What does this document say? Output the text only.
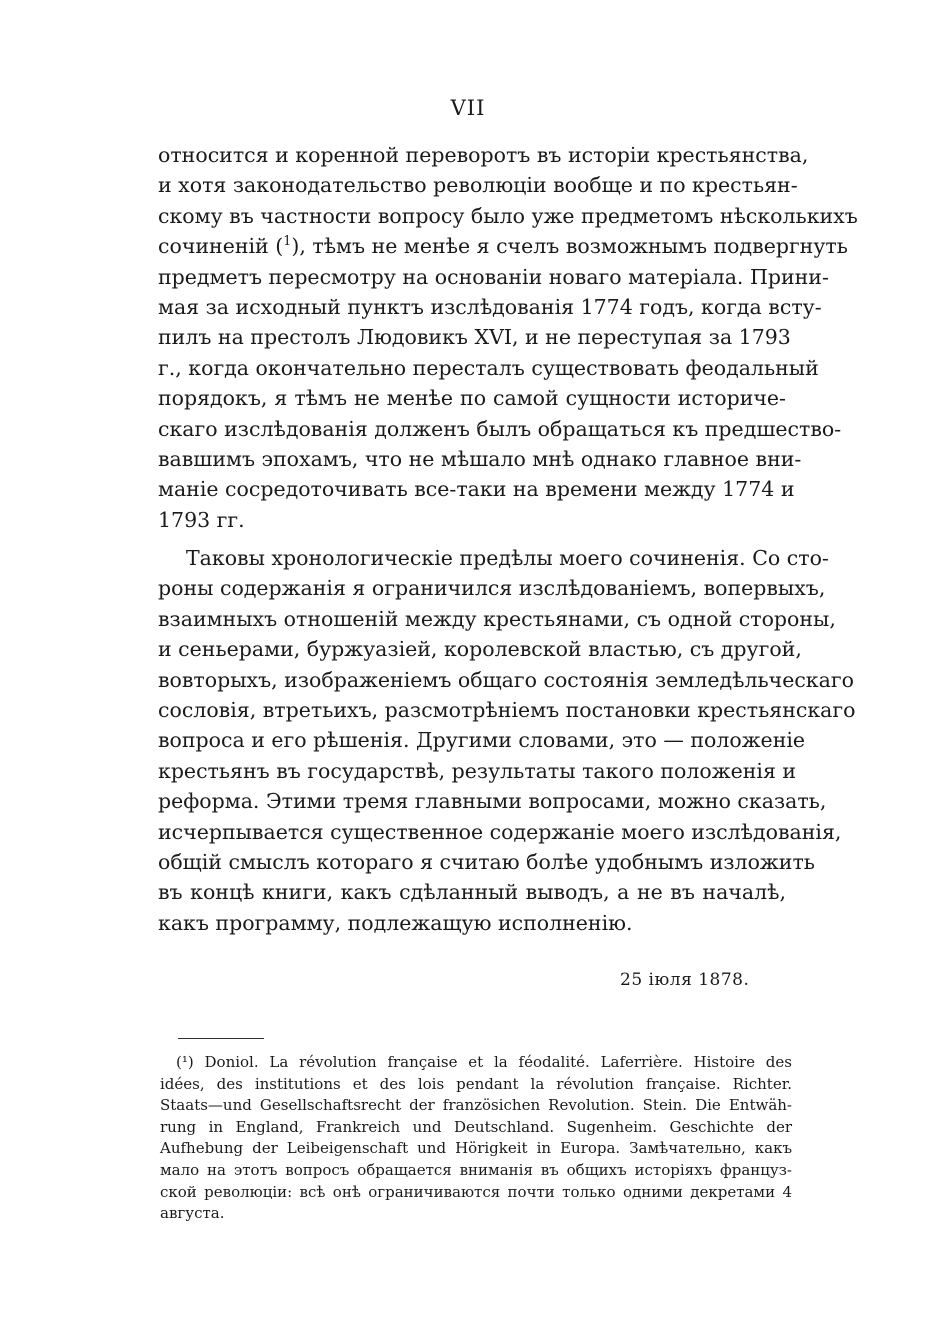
VII
относится и коренной переворотъ въ исторіи крестьянства,
и хотя законодательство революціи вообще и по крестьян-
скому въ частности вопросу было уже предметомъ нѣсколькихъ
сочиненій ($^1$), тѣмъ не менѣе я счелъ возможнымъ подвергнуть
предметъ пересмотру на основаніи новаго матеріала. Прини-
мая за исходный пунктъ изслѣдованія 1774 годъ, когда всту-
пилъ на престолъ Людовикъ XVI, и не переступая за 1793
г., когда окончательно пересталъ существовать феодальный
порядокъ, я тѣмъ не менѣе по самой сущности историче-
скаго изслѣдованія долженъ былъ обращаться къ предшество-
вавшимъ эпохамъ, что не мѣшало мнѣ однако главное вни-
маніе сосредоточивать все-таки на времени между 1774 и
1793 гг.
Таковы хронологическіе предѣлы моего сочиненія. Со сто-
роны содержанія я ограничился изслѣдованіемъ, вопервыхъ,
взаимныхъ отношеній между крестьянами, съ одной стороны,
и сеньерами, буржуазіей, королевской властью, съ другой,
вовторыхъ, изображеніемъ общаго состоянія земледѣльческаго
сословія, втретьихъ, разсмотрѣніемъ постановки крестьянскаго
вопроса и его рѣшенія. Другими словами, это — положеніе
крестьянъ въ государствѣ, результаты такого положенія и
реформа. Этими тремя главными вопросами, можно сказать,
исчерпывается существенное содержаніе моего изслѣдованія,
общій смыслъ котораго я считаю болѣе удобнымъ изложить
въ концѣ книги, какъ сдѣланный выводъ, а не въ началѣ,
какъ программу, подлежащую исполненію.
25 іюля 1878.
(¹) Doniol. La révolution française et la féodalité. Laferrière. Histoire des
idées, des institutions et des lois pendant la révolution française. Richter.
Staats—und Gesellschaftsrecht der französichen Revolution. Stein. Die Entwäh-
rung in England, Frankreich und Deutschland. Sugenheim. Geschichte der
Aufhebung der Leibeigenschaft und Hörigkeit in Europa. Замѣчательно, какъ
мало на этотъ вопросъ обращается вниманія въ общихъ исторіяхъ француз-
ской революціи: всѣ онѣ ограничиваются почти только одними декретами 4
августа.
